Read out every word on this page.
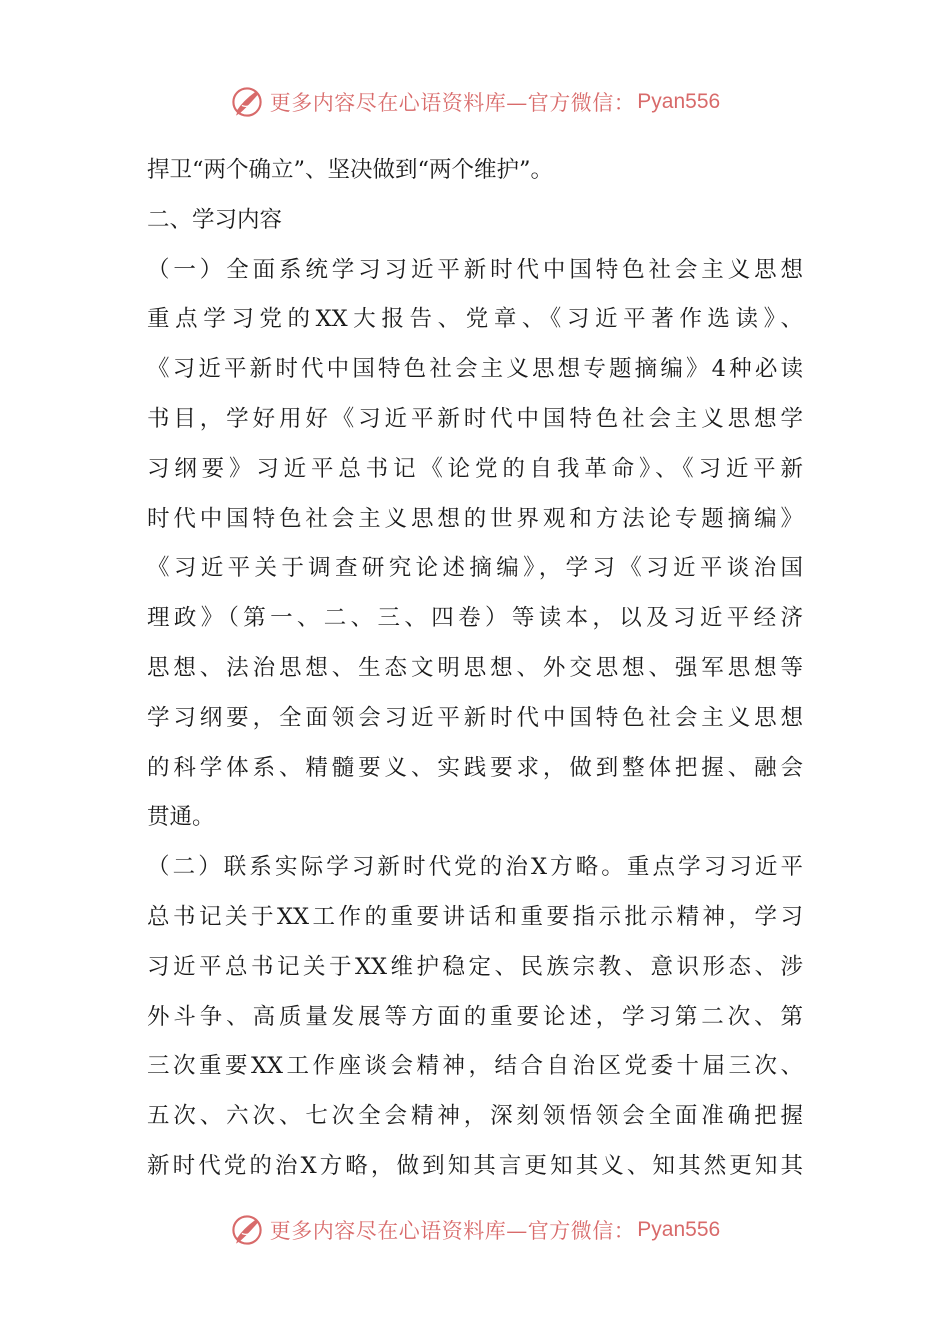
更多内容尽在心语资料库—官方微信： Pyan556
捍卫“两个确立”、坚决做到“两个维护”。
二、学习内容
（一）全面系统学习习近平新时代中国特色社会主义思想
重点学习党的XX大报告、党章、《习近平著作选读》、
《习近平新时代中国特色社会主义思想专题摘编》4种必读
书目，学好用好《习近平新时代中国特色社会主义思想学
习纲要》习近平总书记《论党的自我革命》、《习近平新
时代中国特色社会主义思想的世界观和方法论专题摘编》
《习近平关于调查研究论述摘编》，学习《习近平谈治国
理政》（第一、二、三、四卷）等读本，以及习近平经济
思想、法治思想、生态文明思想、外交思想、强军思想等
学习纲要，全面领会习近平新时代中国特色社会主义思想
的科学体系、精髓要义、实践要求，做到整体把握、融会
贯通。
（二）联系实际学习新时代党的治X方略。重点学习习近平
总书记关于XX工作的重要讲话和重要指示批示精神，学习
习近平总书记关于XX维护稳定、民族宗教、意识形态、涉
外斗争、高质量发展等方面的重要论述，学习第二次、第
三次重要XX工作座谈会精神，结合自治区党委十届三次、
五次、六次、七次全会精神，深刻领悟领会全面准确把握
新时代党的治X方略，做到知其言更知其义、知其然更知其
更多内容尽在心语资料库—官方微信： Pyan556
